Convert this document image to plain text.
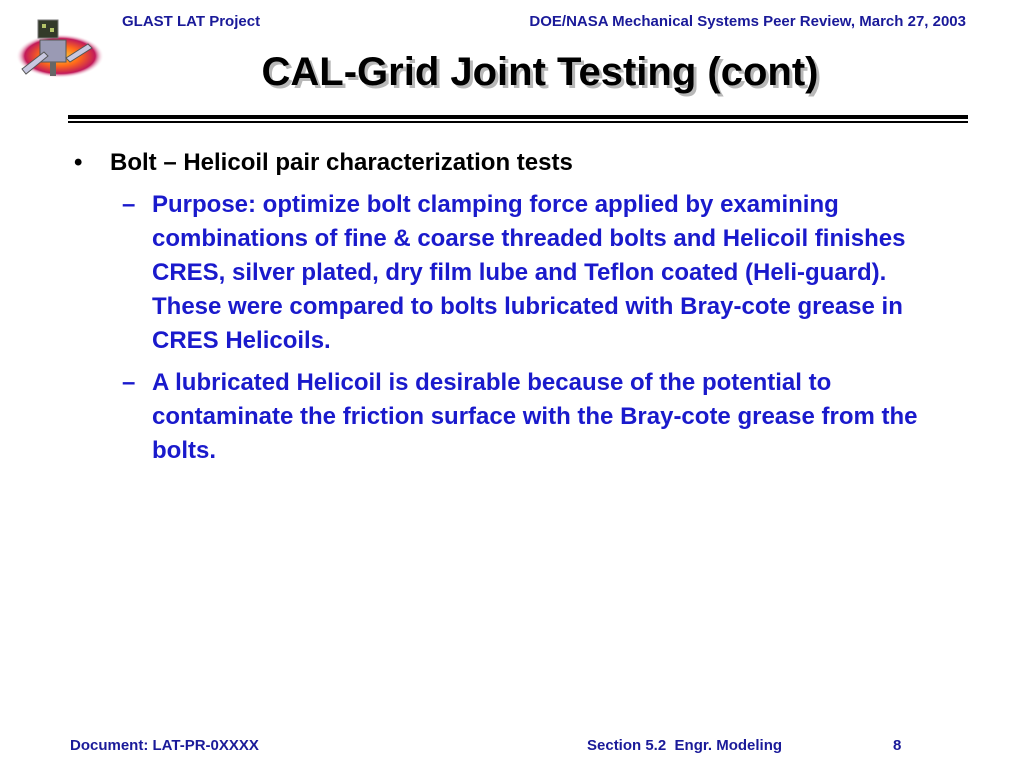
GLAST LAT Project	DOE/NASA Mechanical Systems Peer Review, March 27, 2003
CAL-Grid Joint Testing (cont)
•	Bolt – Helicoil pair characterization tests
– Purpose: optimize bolt clamping force applied by examining combinations of fine & coarse threaded bolts and Helicoil finishes CRES, silver plated, dry film lube and Teflon coated (Heli-guard). These were compared to bolts lubricated with Bray-cote grease in CRES Helicoils.
– A lubricated Helicoil is desirable because of the potential to contaminate the friction surface with the Bray-cote grease from the bolts.
Document: LAT-PR-0XXXX	Section 5.2  Engr. Modeling	8
